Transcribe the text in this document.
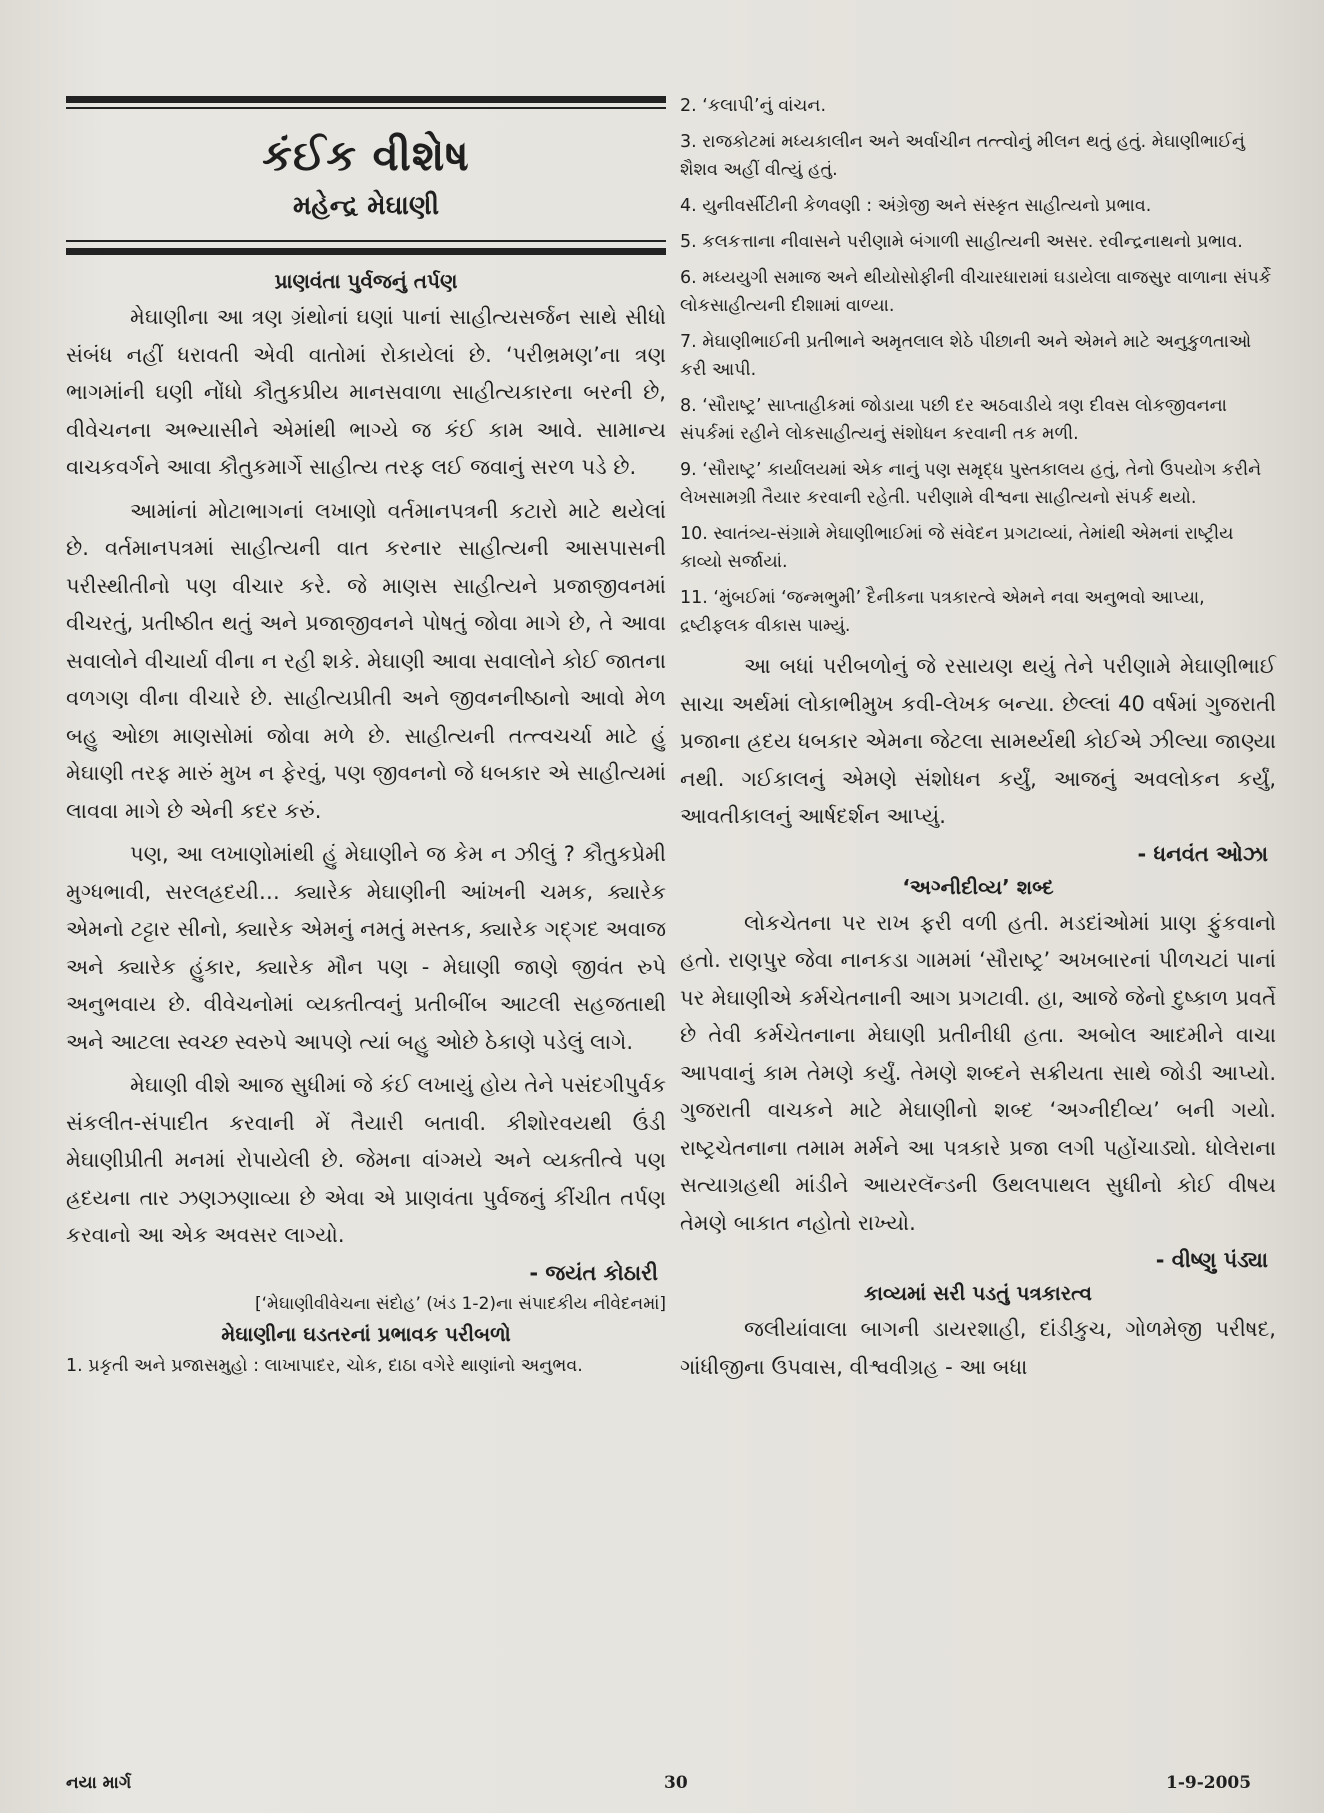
કંઈક વીશેષ
મહેન્દ્ર મેઘાણી
પ્રાણવંતા પુર્વજનું તર્પણ

મેઘાણીના આ ત્રણ ગ્રંથોનાં ઘણાં પાનાં સાહીત્યસર્જન સાથે સીધો સંબંધ નહીં ધરાવતી એવી વાતોમાં રોકાયેલાં છે. ‘પરીભ્રમણ’ના ત્રણ ભાગમાંની ઘણી નોંધો કૌતુકપ્રીય માનસવાળા સાહીત્યકારના બરની છે, વીવેચનના અભ્યાસીને એમાંથી ભાગ્યે જ કંઈ કામ આવે. સામાન્ય વાચકવર્ગને આવા કૌતુકમાર્ગે સાહીત્ય તરફ લઈ જવાનું સરળ પડે છે.

આમાંનાં મોટાભાગનાં લખાણો વર્તમાનપત્રની કટારો માટે થયેલાં છે. વર્તમાનપત્રમાં સાહીત્યની વાત કરનાર સાહીત્યની આસપાસની પરીસ્થીતીનો પણ વીચાર કરે. જે માણસ સાહીત્યને પ્રજાજીવનમાં વીચરતું, પ્રતીષ્ઠીત થતું અને પ્રજાજીવનને પોષતું જોવા માગે છે, તે આવા સવાલોને વીચાર્યા વીના ન રહી શકે. મેઘાણી આવા સવાલોને કોઈ જાતના વળગણ વીના વીચારે છે. સાહીત્યપ્રીતી અને જીવનનીષ્ઠાનો આવો મેળ બહુ ઓછા માણસોમાં જોવા મળે છે. સાહીત્યની તત્ત્વચર્ચા માટે હું મેઘાણી તરફ મારું મુખ ન ફેરવું, પણ જીવનનો જે ધબકાર એ સાહીત્યમાં લાવવા માગે છે એની કદર કરું.

પણ, આ લખાણોમાંથી હું મેઘાણીને જ કેમ ન ઝીલું ? કૌતુકપ્રેમી મુગ્ધભાવી, સરલહ્રદયી… ક્યારેક મેઘાણીની આંખની ચમક, ક્યારેક એમનો ટટ્ટાર સીનો, ક્યારેક એમનું નમતું મસ્તક, ક્યારેક ગદ્ગદ અવાજ અને ક્યારેક હુંકાર, ક્યારેક મૌન પણ - મેઘાણી જાણે જીવંત રુપે અનુભવાય છે. વીવેચનોમાં વ્યક્તીત્વનું પ્રતીબીંબ આટલી સહજતાથી અને આટલા સ્વચ્છ સ્વરુપે આપણે ત્યાં બહુ ઓછે ઠેકાણે પડેલું લાગે.

મેઘાણી વીશે આજ સુધીમાં જે કંઈ લખાયું હોય તેને પસંદગીપુર્વક સંકલીત-સંપાદીત કરવાની મેં તૈયારી બતાવી. કીશોરવયથી ઉંડી મેઘાણીપ્રીતી મનમાં રોપાયેલી છે. જેમના વાંગ્મયે અને વ્યક્તીત્વે પણ હ્રદયના તાર ઝણઝણાવ્યા છે એવા એ પ્રાણવંતા પુર્વજનું કીંચીત તર્પણ કરવાનો આ એક અવસર લાગ્યો.

- જયંત કોઠારી
[‘મેઘાણીવીવેચના સંદોહ’ (ખંડ 1-2)ના સંપાદકીય નીવેદનમાં]
મેઘાણીના ઘડતરનાં પ્રભાવક પરીબળો
1. પ્રકૃતી અને પ્રજાસમુહો : લાખાપાદર, ચોક, દાઠા વગેરે થાણાંનો અનુભવ.
2. ‘કલાપી’નું વાંચન.
3. રાજકોટમાં મધ્યકાલીન અને અર્વાચીન તત્ત્વોનું મીલન થતું હતું. મેઘાણીભાઈનું શૈશવ અહીં વીત્યું હતું.
4. યુનીવર્સીટીની કેળવણી : અંગ્રેજી અને સંસ્કૃત સાહીત્યનો પ્રભાવ.
5. કલકત્તાના નીવાસને પરીણામે બંગાળી સાહીત્યની અસર. રવીન્દ્રનાથનો પ્રભાવ.
6. મધ્યયુગી સમાજ અને થીયોસોફીની વીચારધારામાં ઘડાયેલા વાજસુર વાળાના સંપર્કે લોકસાહીત્યની દીશામાં વાળ્યા.
7. મેઘાણીભાઈની પ્રતીભાને અમૃતલાલ શેઠે પીછાની અને એમને માટે અનુકુળતાઓ કરી આપી.
8. ‘સૌરાષ્ટ્ર’ સાપ્તાહીકમાં જોડાયા પછી દર અઠવાડીયે ત્રણ દીવસ લોકજીવનના સંપર્કમાં રહીને લોકસાહીત્યનું સંશોધન કરવાની તક મળી.
9. ‘સૌરાષ્ટ્ર’ કાર્યાલયમાં એક નાનું પણ સમૃદ્ધ પુસ્તકાલય હતું, તેનો ઉપયોગ કરીને લેખસામગ્રી તૈયાર કરવાની રહેતી. પરીણામે વીશ્વના સાહીત્યનો સંપર્ક થયો.
10. સ્વાતંત્ર્ય-સંગ્રામે મેઘાણીભાઈમાં જે સંવેદન પ્રગટાવ્યાં, તેમાંથી એમનાં રાષ્ટ્રીય કાવ્યો સર્જાયાં.
11. ‘મુંબઈમાં ‘જન્મભુમી’ દૈનીકના પત્રકારત્વે એમને નવા અનુભવો આપ્યા, દ્રષ્ટીફલક વીકાસ પામ્યું.

આ બધાં પરીબળોનું જે રસાયણ થયું તેને પરીણામે મેઘાણીભાઈ સાચા અર્થમાં લોકાભીમુખ કવી-લેખક બન્યા. છેલ્લાં 40 વર્ષમાં ગુજરાતી પ્રજાના હ્રદય ધબકાર એમના જેટલા સામર્થ્યથી કોઈએ ઝીલ્યા જાણ્યા નથી. ગઈકાલનું એમણે સંશોધન કર્યું, આજનું અવલોકન કર્યું, આવતીકાલનું આર્ષદર્શન આપ્યું.

- ધનવંત ઓઝા
‘અગ્નીદીવ્ય’ શબ્દ

લોકચેતના પર રાખ ફરી વળી હતી. મડદાંઓમાં પ્રાણ ફુંકવાનો હતો. રાણપુર જેવા નાનકડા ગામમાં ‘સૌરાષ્ટ્ર’ અખબારનાં પીળચટાં પાનાં પર મેઘાણીએ કર્મચેતનાની આગ પ્રગટાવી. હા, આજે જેનો દુષ્કાળ પ્રવર્તે છે તેવી કર્મચેતનાના મેઘાણી પ્રતીનીધી હતા. અબોલ આદમીને વાચા આપવાનું કામ તેમણે કર્યું. તેમણે શબ્દને સક્રીયતા સાથે જોડી આપ્યો. ગુજરાતી વાચકને માટે મેઘાણીનો શબ્દ ‘અગ્નીદીવ્ય’ બની ગયો. રાષ્ટ્રચેતનાના તમામ મર્મને આ પત્રકારે પ્રજા લગી પહોંચાડ્યો. ધોલેરાના સત્યાગ્રહથી માંડીને આયરલૅન્ડની ઉથલપાથલ સુધીનો કોઈ વીષય તેમણે બાકાત નહોતો રાખ્યો.

- વીષ્ણુ પંડ્યા
કાવ્યમાં સરી પડતું પત્રકારત્વ

જલીયાંવાલા બાગની ડાયરશાહી, દાંડીકુચ, ગોળમેજી પરીષદ, ગાંધીજીના ઉપવાસ, વીશ્વવીગ્રહ - આ બધા

નયા માર્ગ	30	1-9-2005
